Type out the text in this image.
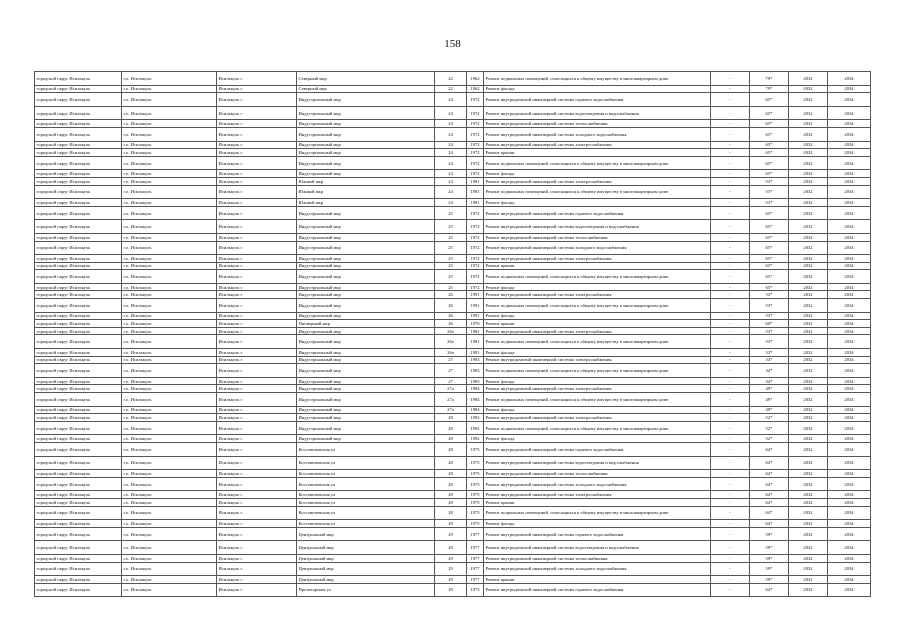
158
городской округ Исилькуль	г.о. Исилькуль	Исилькуль г	Северный мкр	22	1962	Ремонт подвальных помещений, относящихся к общему имуществу в многоквартирном доме	-	79*	2032	2034
городской округ Исилькуль	г.о. Исилькуль	Исилькуль г	Северный мкр	22	1962	Ремонт фасада	-	79*	2032	2034
городской округ Исилькуль	г.о. Исилькуль	Исилькуль г	Индустриальный мкр	24	1972	Ремонт внутридомовой инженерной системы горячего водоснабжения	-	65*	2032	2034
городской округ Исилькуль	г.о. Исилькуль	Исилькуль г	Индустриальный мкр	24	1972	Ремонт внутридомовой инженерной системы водоотведения и водоснабжения	-	65*	2032	2034
городской округ Исилькуль	г.о. Исилькуль	Исилькуль г	Индустриальный мкр	24	1972	Ремонт внутридомовой инженерной системы теплоснабжения	-	65*	2032	2034
городской округ Исилькуль	г.о. Исилькуль	Исилькуль г	Индустриальный мкр	24	1972	Ремонт внутридомовой инженерной системы холодного водоснабжения	-	65*	2032	2034
городской округ Исилькуль	г.о. Исилькуль	Исилькуль г	Индустриальный мкр	24	1972	Ремонт внутридомовой инженерной системы электроснабжения	-	65*	2032	2034
городской округ Исилькуль	г.о. Исилькуль	Исилькуль г	Индустриальный мкр	24	1972	Ремонт крыши	-	65*	2032	2034
городской округ Исилькуль	г.о. Исилькуль	Исилькуль г	Индустриальный мкр	24	1972	Ремонт подвальных помещений, относящихся к общему имуществу в многоквартирном доме	-	65*	2032	2034
городской округ Исилькуль	г.о. Исилькуль	Исилькуль г	Индустриальный мкр	24	1972	Ремонт фасада	-	65*	2032	2034
городской округ Исилькуль	г.о. Исилькуль	Исилькуль г	Южный мкр	24	1981	Ремонт внутридомовой инженерной системы электроснабжения	-	53*	2032	2034
городской округ Исилькуль	г.о. Исилькуль	Исилькуль г	Южный мкр	24	1981	Ремонт подвальных помещений, относящихся к общему имуществу в многоквартирном доме	-	53*	2032	2034
городской округ Исилькуль	г.о. Исилькуль	Исилькуль г	Южный мкр	24	1981	Ремонт фасада	-	53*	2032	2034
городской округ Исилькуль	г.о. Исилькуль	Исилькуль г	Индустриальный мкр	25	1972	Ремонт внутридомовой инженерной системы горячего водоснабжения	-	65*	2032	2034
городской округ Исилькуль	г.о. Исилькуль	Исилькуль г	Индустриальный мкр	25	1972	Ремонт внутридомовой инженерной системы водоотведения и водоснабжения	-	65*	2032	2034
городской округ Исилькуль	г.о. Исилькуль	Исилькуль г	Индустриальный мкр	25	1972	Ремонт внутридомовой инженерной системы теплоснабжения	-	65*	2032	2034
городской округ Исилькуль	г.о. Исилькуль	Исилькуль г	Индустриальный мкр	25	1972	Ремонт внутридомовой инженерной системы холодного водоснабжения	-	65*	2032	2034
городской округ Исилькуль	г.о. Исилькуль	Исилькуль г	Индустриальный мкр	25	1972	Ремонт внутридомовой инженерной системы электроснабжения	-	65*	2032	2034
городской округ Исилькуль	г.о. Исилькуль	Исилькуль г	Индустриальный мкр	25	1972	Ремонт крыши	-	65*	2032	2034
городской округ Исилькуль	г.о. Исилькуль	Исилькуль г	Индустриальный мкр	25	1972	Ремонт подвальных помещений, относящихся к общему имуществу в многоквартирном доме	-	65*	2032	2034
городской округ Исилькуль	г.о. Исилькуль	Исилькуль г	Индустриальный мкр	25	1972	Ремонт фасада	-	65*	2032	2034
городской округ Исилькуль	г.о. Исилькуль	Исилькуль г	Индустриальный мкр	26	1991	Ремонт внутридомовой инженерной системы электроснабжения	-	53*	2032	2034
городской округ Исилькуль	г.о. Исилькуль	Исилькуль г	Индустриальный мкр	26	1991	Ремонт подвальных помещений, относящихся к общему имуществу в многоквартирном доме	-	53*	2032	2034
городской округ Исилькуль	г.о. Исилькуль	Исилькуль г	Индустриальный мкр	26	1991	Ремонт фасада	-	53*	2032	2034
городской округ Исилькуль	г.о. Исилькуль	Исилькуль г	Пионерный мкр	26	1976	Ремонт крыши	-	60*	2032	2034
городской округ Исилькуль	г.о. Исилькуль	Исилькуль г	Индустриальный мкр	26а	1981	Ремонт внутридомовой инженерной системы электроснабжения	-	53*	2032	2034
городской округ Исилькуль	г.о. Исилькуль	Исилькуль г	Индустриальный мкр	26а	1981	Ремонт подвальных помещений, относящихся к общему имуществу в многоквартирном доме	-	53*	2032	2034
городской округ Исилькуль	г.о. Исилькуль	Исилькуль г	Индустриальный мкр	26а	1981	Ремонт фасада	-	53*	2032	2034
городской округ Исилькуль	г.о. Исилькуль	Исилькуль г	Индустриальный мкр	27	1983	Ремонт внутридомовой инженерной системы электроснабжения	-	34*	2032	2034
городской округ Исилькуль	г.о. Исилькуль	Исилькуль г	Индустриальный мкр	27	1983	Ремонт подвальных помещений, относящихся к общему имуществу в многоквартирном доме	-	34*	2032	2034
городской округ Исилькуль	г.о. Исилькуль	Исилькуль г	Индустриальный мкр	27	1983	Ремонт фасада	-	34*	2032	2034
городской округ Исилькуль	г.о. Исилькуль	Исилькуль г	Индустриальный мкр	27а	1984	Ремонт внутридомовой инженерной системы электроснабжения	-	49*	2032	2034
городской округ Исилькуль	г.о. Исилькуль	Исилькуль г	Индустриальный мкр	27а	1984	Ремонт подвальных помещений, относящихся к общему имуществу в многоквартирном доме	-	49*	2032	2034
городской округ Исилькуль	г.о. Исилькуль	Исилькуль г	Индустриальный мкр	27а	1984	Ремонт фасада	-	49*	2032	2034
городской округ Исилькуль	г.о. Исилькуль	Исилькуль г	Индустриальный мкр	28	1992	Ремонт внутридомовой инженерной системы электроснабжения	-	52*	2032	2034
городской округ Исилькуль	г.о. Исилькуль	Исилькуль г	Индустриальный мкр	28	1992	Ремонт подвальных помещений, относящихся к общему имуществу в многоквартирном доме	-	52*	2032	2034
городской округ Исилькуль	г.о. Исилькуль	Исилькуль г	Индустриальный мкр	28	1992	Ремонт фасада	-	52*	2032	2034
городской округ Исилькуль	г.о. Исилькуль	Исилькуль г	Коссовичевская ул	28	1975	Ремонт внутридомовой инженерной системы горячего водоснабжения	-	64*	2032	2034
городской округ Исилькуль	г.о. Исилькуль	Исилькуль г	Коссовичевская ул	28	1975	Ремонт внутридомовой инженерной системы водоотведения и водоснабжения	-	64*	2032	2034
городской округ Исилькуль	г.о. Исилькуль	Исилькуль г	Коссовичевская ул	28	1975	Ремонт внутридомовой инженерной системы теплоснабжения	-	64*	2032	2034
городской округ Исилькуль	г.о. Исилькуль	Исилькуль г	Коссовичевская ул	28	1975	Ремонт внутридомовой инженерной системы холодного водоснабжения	-	64*	2032	2034
городской округ Исилькуль	г.о. Исилькуль	Исилькуль г	Коссовичевская ул	28	1975	Ремонт внутридомовой инженерной системы электроснабжения	-	64*	2032	2034
городской округ Исилькуль	г.о. Исилькуль	Исилькуль г	Коссовичевская ул	28	1975	Ремонт крыши	-	64*	2032	2034
городской округ Исилькуль	г.о. Исилькуль	Исилькуль г	Коссовичевская ул	28	1975	Ремонт подвальных помещений, относящихся к общему имуществу в многоквартирном доме	-	64*	2032	2034
городской округ Исилькуль	г.о. Исилькуль	Исилькуль г	Коссовичевская ул	28	1975	Ремонт фасада	-	64*	2032	2034
городской округ Исилькуль	г.о. Исилькуль	Исилькуль г	Центральный мкр	29	1977	Ремонт внутридомовой инженерной системы горячего водоснабжения	-	59*	2032	2034
городской округ Исилькуль	г.о. Исилькуль	Исилькуль г	Центральный мкр	29	1977	Ремонт внутридомовой инженерной системы водоотведения и водоснабжения	-	59*	2032	2034
городской округ Исилькуль	г.о. Исилькуль	Исилькуль г	Центральный мкр	29	1977	Ремонт внутридомовой инженерной системы теплоснабжения	-	59*	2032	2034
городской округ Исилькуль	г.о. Исилькуль	Исилькуль г	Центральный мкр	29	1977	Ремонт внутридомовой инженерной системы холодного водоснабжения	-	59*	2032	2034
городской округ Исилькуль	г.о. Исилькуль	Исилькуль г	Центральный мкр	29	1977	Ремонт крыши	-	59*	2032	2034
городской округ Исилькуль	г.о. Исилькуль	Исилькуль г	Пролетарская ул	29	1973	Ремонт внутридомовой инженерной системы горячего водоснабжения	-	64*	2032	2034
